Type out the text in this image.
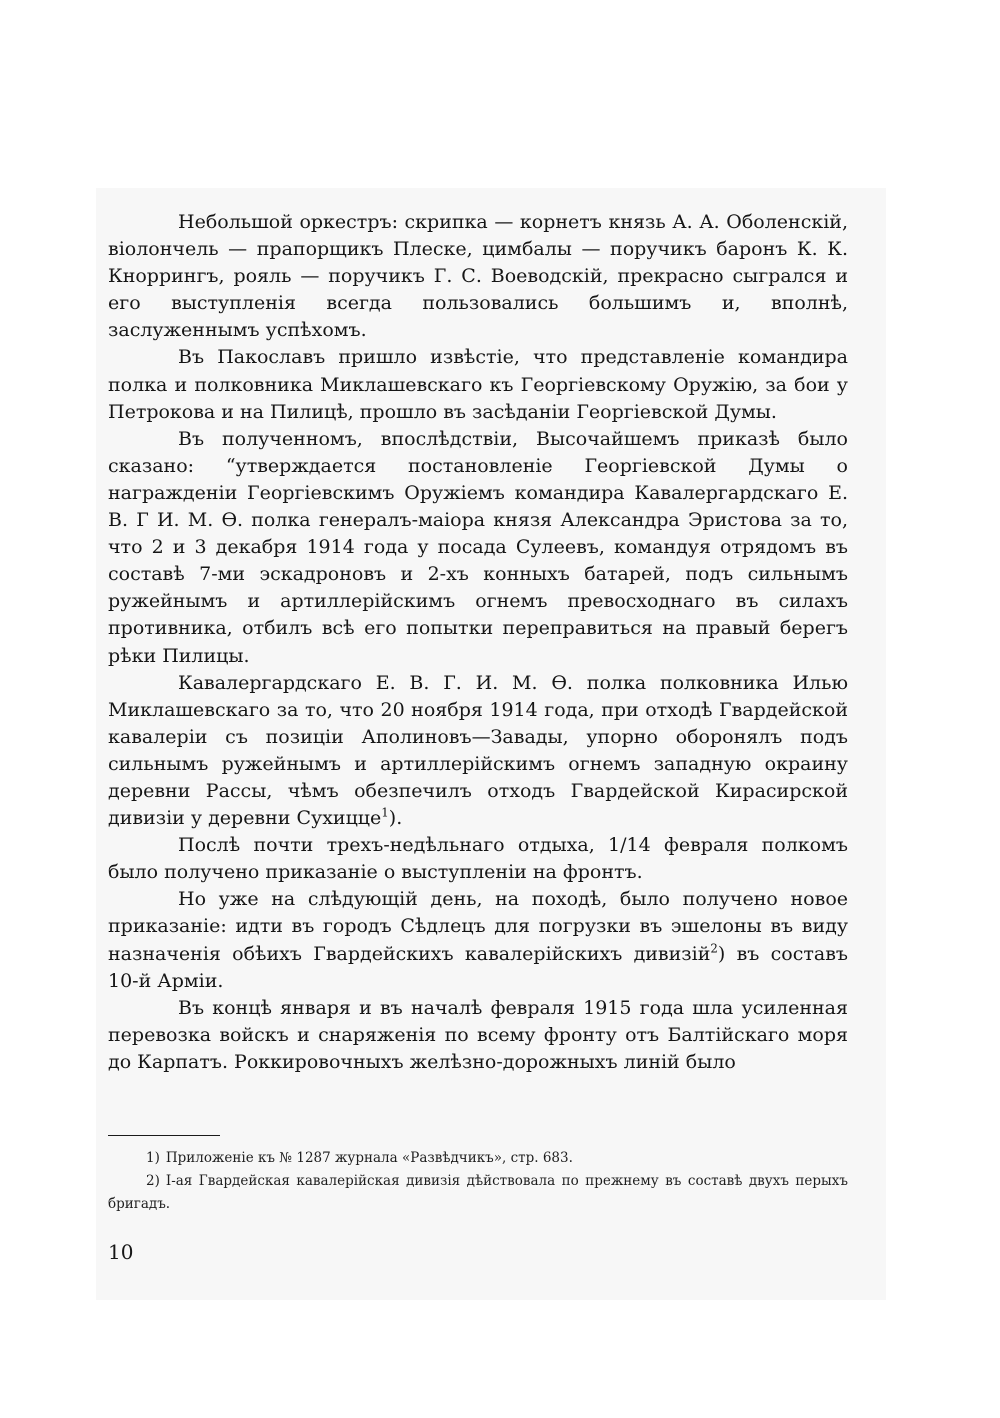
Небольшой оркестръ: скрипка — корнетъ князь А. А. Оболенскій, віолончель — прапорщикъ Плеске, цимбалы — поручикъ баронъ К. К. Кноррингъ, рояль — поручикъ Г. С. Воеводскій, прекрасно сыгрался и его выступленія всегда пользовались большимъ и, вполнѣ, заслуженнымъ успѣхомъ.

Въ Пакославъ пришло извѣстіе, что представленіе командира полка и полковника Миклашевскаго къ Георгіевскому Оружію, за бои у Петрокова и на Пилицѣ, прошло въ засѣданіи Георгіевской Думы.

Въ полученномъ, впослѣдствіи, Высочайшемъ приказѣ было сказано: “утверждается постановленіе Георгіевской Думы о награжденіи Георгіевскимъ Оружіемъ командира Кавалергардскаго Е. В. Г И. М. Ѳ. полка генералъ-маіора князя Александра Эристова за то, что 2 и 3 декабря 1914 года у посада Сулеевъ, командуя отрядомъ въ составѣ 7-ми эскадроновъ и 2-хъ конныхъ батарей, подъ сильнымъ ружейнымъ и артиллерійскимъ огнемъ превосходнаго въ силахъ противника, отбилъ всѣ его попытки переправиться на правый берегъ рѣки Пилицы.

Кавалергардскаго Е. В. Г. И. М. Ѳ. полка полковника Илью Миклашевскаго за то, что 20 ноября 1914 года, при отходѣ Гвардейской кавалеріи съ позиціи Аполиновъ—Завады, упорно оборонялъ подъ сильнымъ ружейнымъ и артиллерійскимъ огнемъ западную окраину деревни Рассы, чѣмъ обезпечилъ отходъ Гвардейской Кирасирской дивизіи у деревни Сухицце$^1$).

Послѣ почти трехъ-недѣльнаго отдыха, 1/14 февраля полкомъ было получено приказаніе о выступленіи на фронтъ.

Но уже на слѣдующій день, на походѣ, было получено новое приказаніе: идти въ городъ Сѣдлецъ для погрузки въ эшелоны въ виду назначенія обѣихъ Гвардейскихъ кавалерійскихъ дивизій$^2$) въ составъ 10-й Арміи.

Въ концѣ января и въ началѣ февраля 1915 года шла усиленная перевозка войскъ и снаряженія по всему фронту отъ Балтійскаго моря до Карпатъ. Роккировочныхъ желѣзно-дорожныхъ линій было

1) Приложеніе къ № 1287 журнала «Развѣдчикъ», стр. 683.

2) I-ая Гвардейская кавалерійская дивизія дѣйствовала по прежнему въ составѣ двухъ перыхъ бригадъ.

10
